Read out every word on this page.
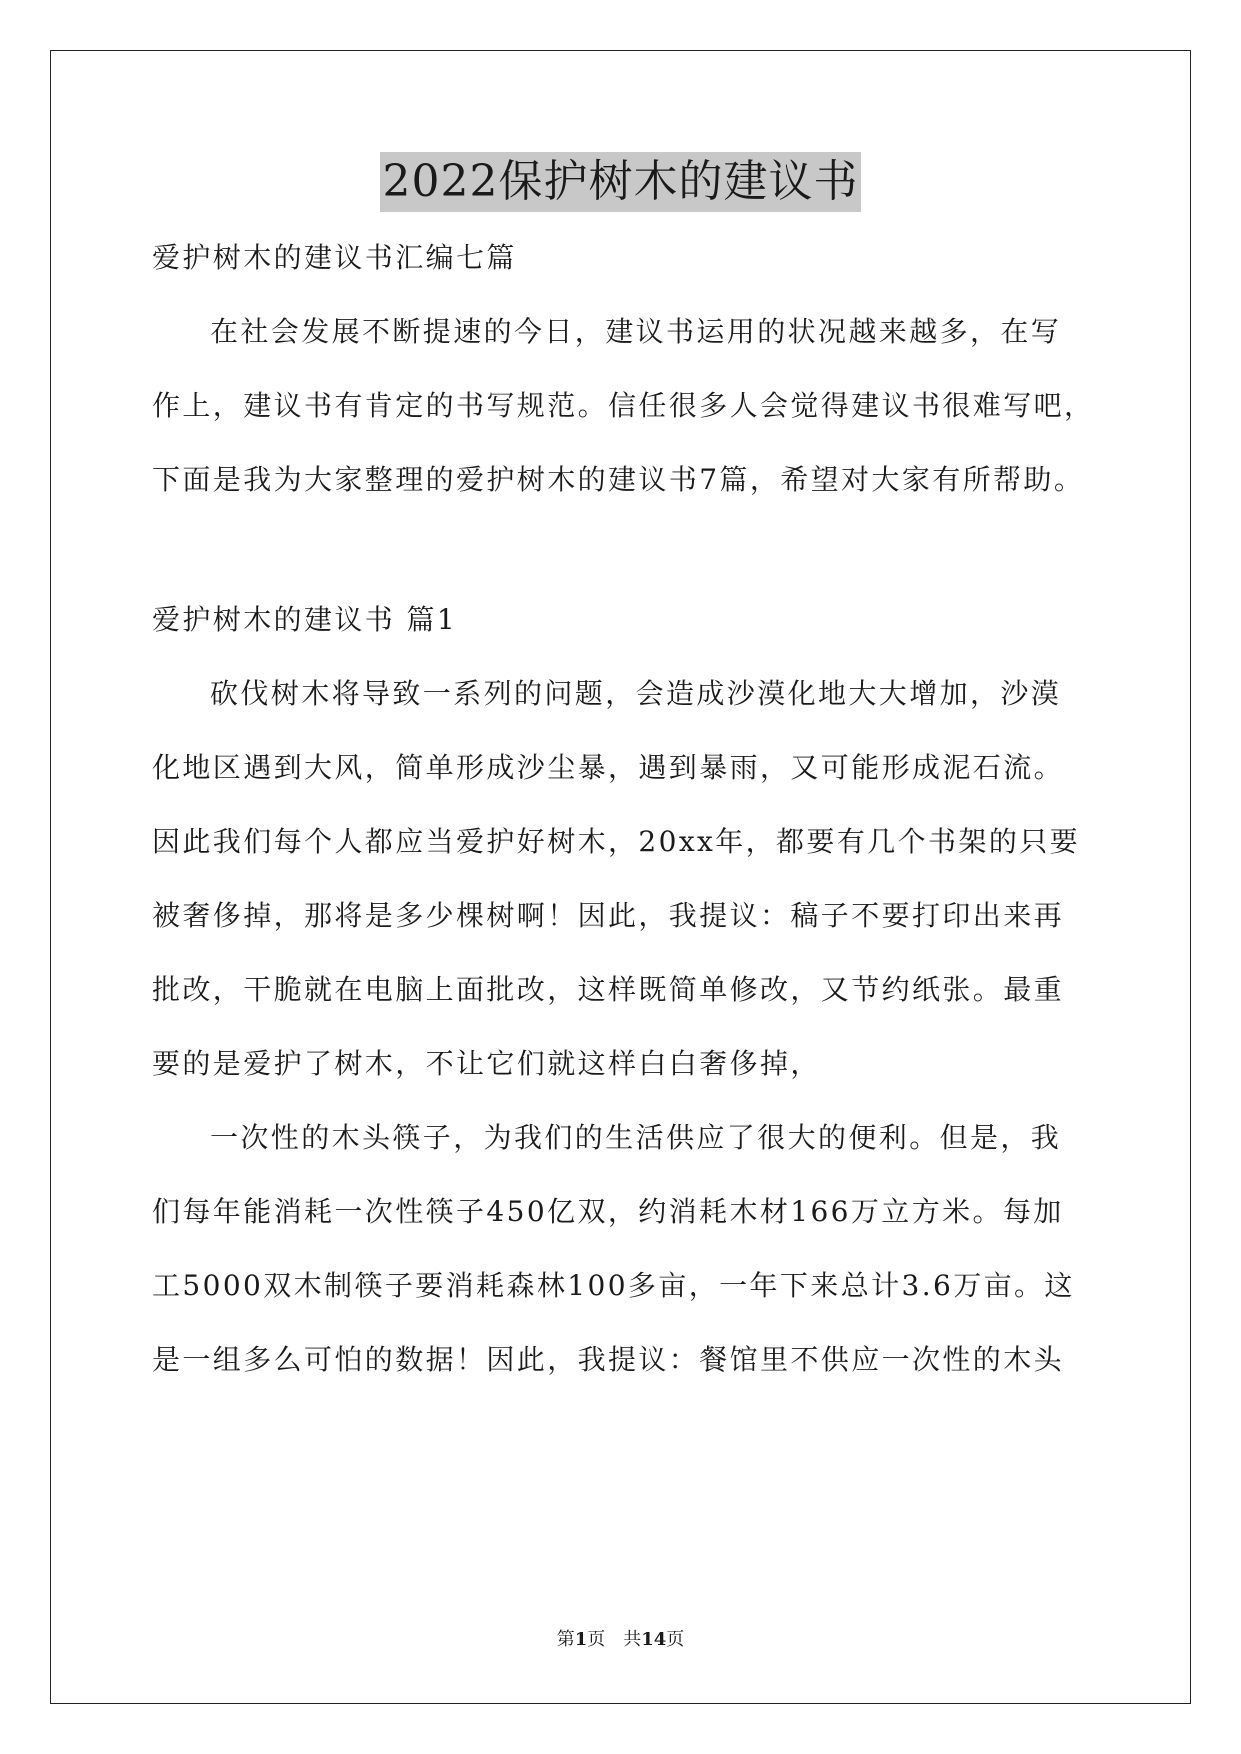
2022保护树木的建议书
爱护树木的建议书汇编七篇
在社会发展不断提速的今日，建议书运用的状况越来越多，在写
作上，建议书有肯定的书写规范。信任很多人会觉得建议书很难写吧，
下面是我为大家整理的爱护树木的建议书7篇，希望对大家有所帮助。
爱护树木的建议书 篇1
砍伐树木将导致一系列的问题，会造成沙漠化地大大增加，沙漠
化地区遇到大风，简单形成沙尘暴，遇到暴雨，又可能形成泥石流。
因此我们每个人都应当爱护好树木，20xx年，都要有几个书架的只要
被奢侈掉，那将是多少棵树啊！因此，我提议：稿子不要打印出来再
批改，干脆就在电脑上面批改，这样既简单修改，又节约纸张。最重
要的是爱护了树木，不让它们就这样白白奢侈掉，
一次性的木头筷子，为我们的生活供应了很大的便利。但是，我
们每年能消耗一次性筷子450亿双，约消耗木材166万立方米。每加
工5000双木制筷子要消耗森林100多亩，一年下来总计3.6万亩。这
是一组多么可怕的数据！因此，我提议：餐馆里不供应一次性的木头
第1页　共14页
